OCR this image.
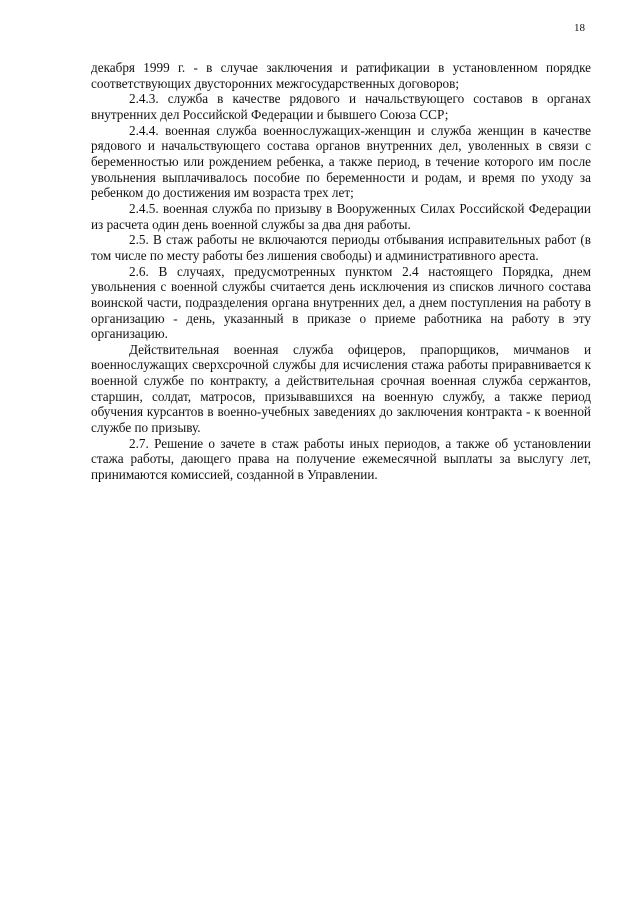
18

декабря 1999 г. - в случае заключения и ратификации в установленном порядке соответствующих двусторонних межгосударственных договоров;

2.4.3. служба в качестве рядового и начальствующего составов в органах внутренних дел Российской Федерации и бывшего Союза ССР;

2.4.4. военная служба военнослужащих-женщин и служба женщин в качестве рядового и начальствующего состава органов внутренних дел, уволенных в связи с беременностью или рождением ребенка, а также период, в течение которого им после увольнения выплачивалось пособие по беременности и родам, и время по уходу за ребенком до достижения им возраста трех лет;

2.4.5. военная служба по призыву в Вооруженных Силах Российской Федерации из расчета один день военной службы за два дня работы.

2.5. В стаж работы не включаются периоды отбывания исправительных работ (в том числе по месту работы без лишения свободы) и административного ареста.

2.6. В случаях, предусмотренных пунктом 2.4 настоящего Порядка, днем увольнения с военной службы считается день исключения из списков личного состава воинской части, подразделения органа внутренних дел, а днем поступления на работу в организацию - день, указанный в приказе о приеме работника на работу в эту организацию.

Действительная военная служба офицеров, прапорщиков, мичманов и военнослужащих сверхсрочной службы для исчисления стажа работы приравнивается к военной службе по контракту, а действительная срочная военная служба сержантов, старшин, солдат, матросов, призывавшихся на военную службу, а также период обучения курсантов в военно-учебных заведениях до заключения контракта - к военной службе по призыву.

2.7. Решение о зачете в стаж работы иных периодов, а также об установлении стажа работы, дающего права на получение ежемесячной выплаты за выслугу лет, принимаются комиссией, созданной в Управлении.
